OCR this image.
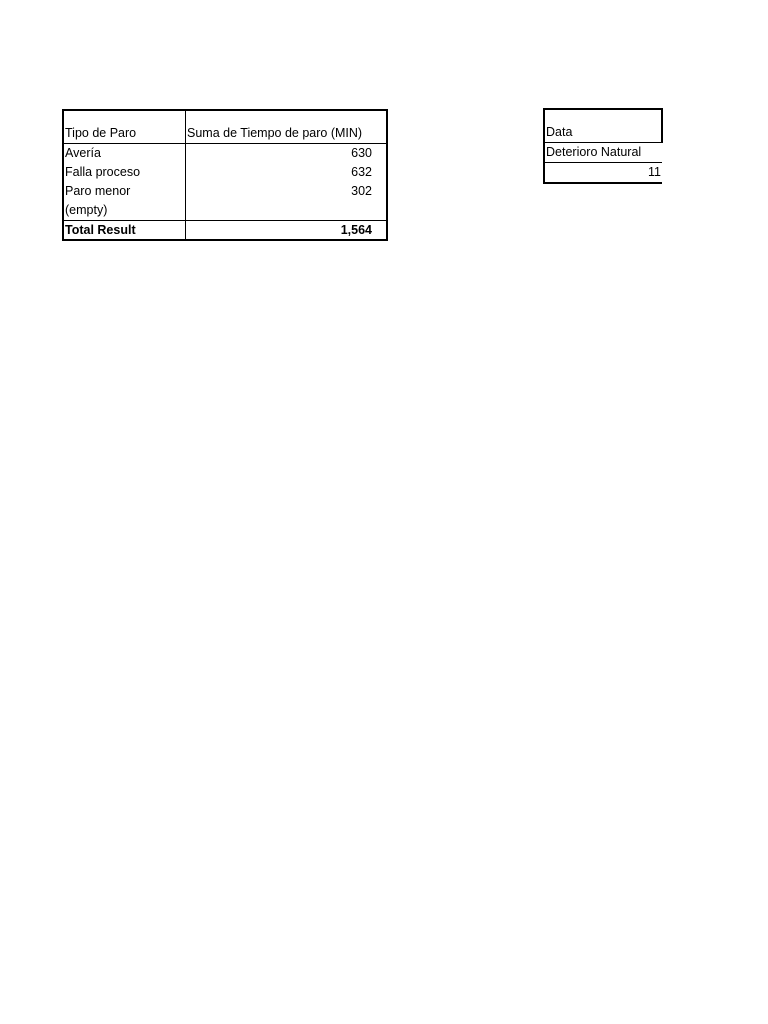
Tipo de Paro	Suma de Tiempo de paro (MIN)
Avería	630
Falla proceso	632
Paro menor	302
(empty)	
Total Result	1,564
Data
Deterioro Natural
11
